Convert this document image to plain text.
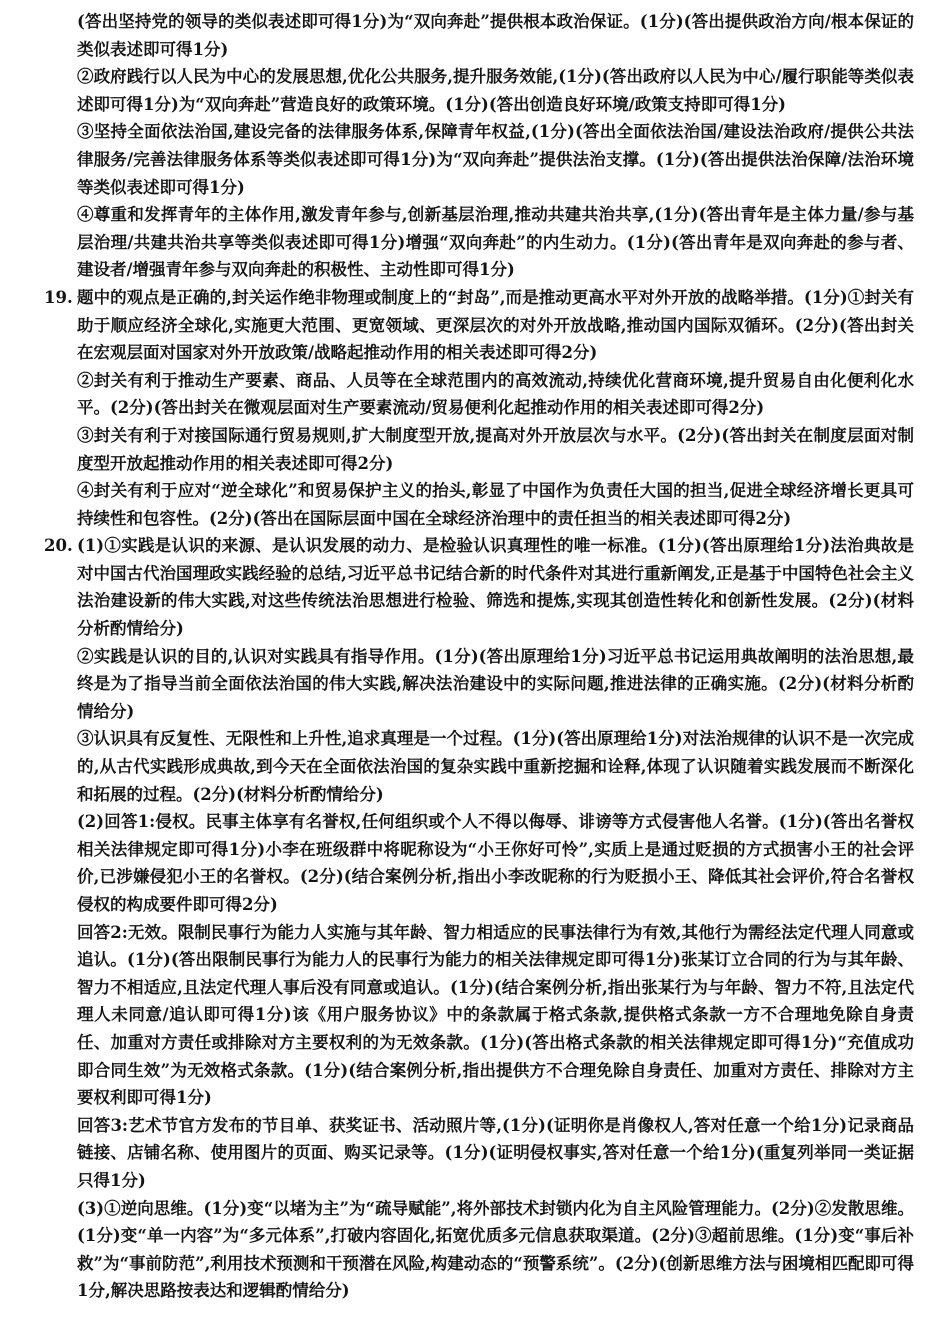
(答出坚持党的领导的类似表述即可得1分)为“双向奔赴”提供根本政治保证。(1分)(答出提供政治方向/根本保证的类似表述即可得1分)

②政府践行以人民为中心的发展思想,优化公共服务,提升服务效能,(1分)(答出政府以人民为中心/履行职能等类似表述即可得1分)为“双向奔赴”营造良好的政策环境。(1分)(答出创造良好环境/政策支持即可得1分)

③坚持全面依法治国,建设完备的法律服务体系,保障青年权益,(1分)(答出全面依法治国/建设法治政府/提供公共法律服务/完善法律服务体系等类似表述即可得1分)为“双向奔赴”提供法治支撑。(1分)(答出提供法治保障/法治环境等类似表述即可得1分)

④尊重和发挥青年的主体作用,激发青年参与,创新基层治理,推动共建共治共享,(1分)(答出青年是主体力量/参与基层治理/共建共治共享等类似表述即可得1分)增强“双向奔赴”的内生动力。(1分)(答出青年是双向奔赴的参与者、建设者/增强青年参与双向奔赴的积极性、主动性即可得1分)

19. 题中的观点是正确的,封关运作绝非物理或制度上的“封岛”,而是推动更高水平对外开放的战略举措。(1分)①封关有助于顺应经济全球化,实施更大范围、更宽领域、更深层次的对外开放战略,推动国内国际双循环。(2分)(答出封关在宏观层面对国家对外开放政策/战略起推动作用的相关表述即可得2分)

②封关有利于推动生产要素、商品、人员等在全球范围内的高效流动,持续优化营商环境,提升贸易自由化便利化水平。(2分)(答出封关在微观层面对生产要素流动/贸易便利化起推动作用的相关表述即可得2分)

③封关有利于对接国际通行贸易规则,扩大制度型开放,提高对外开放层次与水平。(2分)(答出封关在制度层面对制度型开放起推动作用的相关表述即可得2分)

④封关有利于应对“逆全球化”和贸易保护主义的抬头,彰显了中国作为负责任大国的担当,促进全球经济增长更具可持续性和包容性。(2分)(答出在国际层面中国在全球经济治理中的责任担当的相关表述即可得2分)

20. (1)①实践是认识的来源、是认识发展的动力、是检验认识真理性的唯一标准。(1分)(答出原理给1分)法治典故是对中国古代治国理政实践经验的总结,习近平总书记结合新的时代条件对其进行重新阐发,正是基于中国特色社会主义法治建设新的伟大实践,对这些传统法治思想进行检验、筛选和提炼,实现其创造性转化和创新性发展。(2分)(材料分析酌情给分)

②实践是认识的目的,认识对实践具有指导作用。(1分)(答出原理给1分)习近平总书记运用典故阐明的法治思想,最终是为了指导当前全面依法治国的伟大实践,解决法治建设中的实际问题,推进法律的正确实施。(2分)(材料分析酌情给分)

③认识具有反复性、无限性和上升性,追求真理是一个过程。(1分)(答出原理给1分)对法治规律的认识不是一次完成的,从古代实践形成典故,到今天在全面依法治国的复杂实践中重新挖掘和诠释,体现了认识随着实践发展而不断深化和拓展的过程。(2分)(材料分析酌情给分)

(2)回答1:侵权。民事主体享有名誉权,任何组织或个人不得以侮辱、诽谤等方式侵害他人名誉。(1分)(答出名誉权相关法律规定即可得1分)小李在班级群中将昵称设为“小王你好可怜”,实质上是通过贬损的方式损害小王的社会评价,已涉嫌侵犯小王的名誉权。(2分)(结合案例分析,指出小李改昵称的行为贬损小王、降低其社会评价,符合名誉权侵权的构成要件即可得2分)

回答2:无效。限制民事行为能力人实施与其年龄、智力相适应的民事法律行为有效,其他行为需经法定代理人同意或追认。(1分)(答出限制民事行为能力人的民事行为能力的相关法律规定即可得1分)张某订立合同的行为与其年龄、智力不相适应,且法定代理人事后没有同意或追认。(1分)(结合案例分析,指出张某行为与年龄、智力不符,且法定代理人未同意/追认即可得1分)该《用户服务协议》中的条款属于格式条款,提供格式条款一方不合理地免除自身责任、加重对方责任或排除对方主要权利的为无效条款。(1分)(答出格式条款的相关法律规定即可得1分)“充值成功即合同生效”为无效格式条款。(1分)(结合案例分析,指出提供方不合理免除自身责任、加重对方责任、排除对方主要权利即可得1分)

回答3:艺术节官方发布的节目单、获奖证书、活动照片等,(1分)(证明你是肖像权人,答对任意一个给1分)记录商品链接、店铺名称、使用图片的页面、购买记录等。(1分)(证明侵权事实,答对任意一个给1分)(重复列举同一类证据只得1分)

(3)①逆向思维。(1分)变“以堵为主”为“疏导赋能”,将外部技术封锁内化为自主风险管理能力。(2分)②发散思维。(1分)变“单一内容”为“多元体系”,打破内容固化,拓宽优质多元信息获取渠道。(2分)③超前思维。(1分)变“事后补救”为“事前防范”,利用技术预测和干预潜在风险,构建动态的“预警系统”。(2分)(创新思维方法与困境相匹配即可得1分,解决思路按表达和逻辑酌情给分)
